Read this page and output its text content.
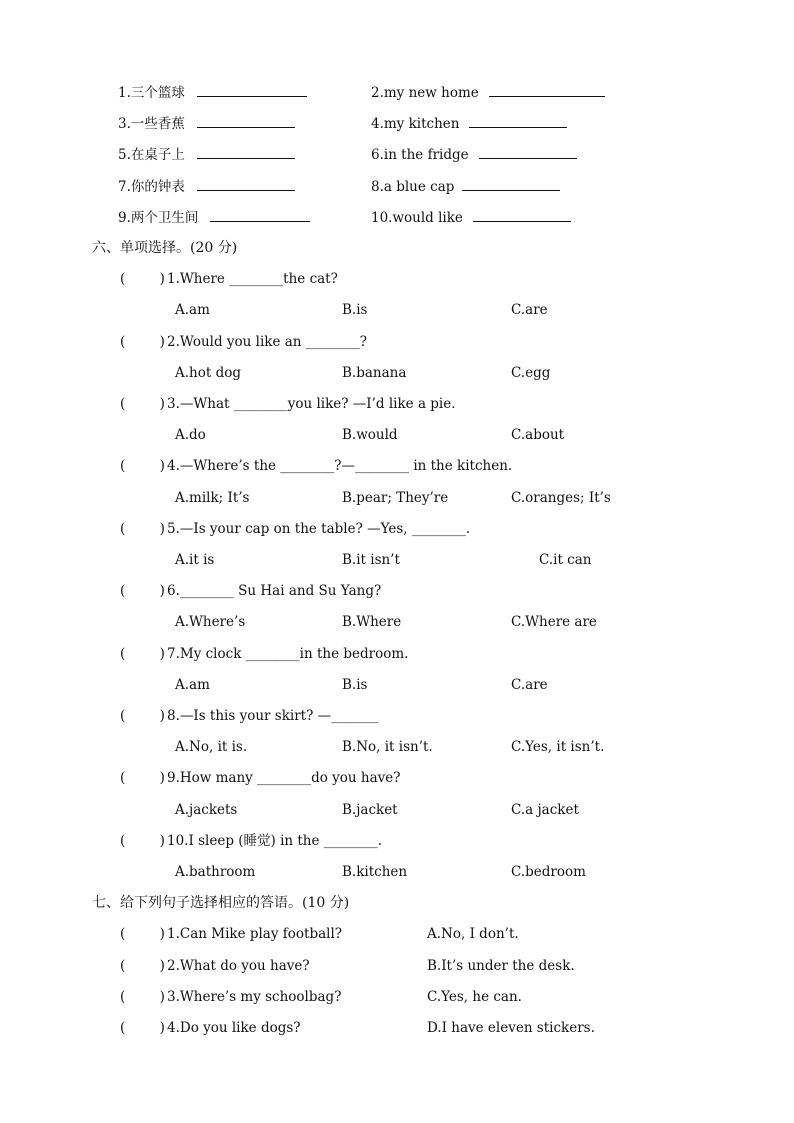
1.三个篮球	2.my new home
3.一些香蕉	4.my kitchen
5.在桌子上	6.in the fridge
7.你的钟表	8.a blue cap
9.两个卫生间	10.would like
六、单项选择。(20 分)
(        ) 1.Where ________the cat?
A.am	B.is	C.are
(        ) 2.Would you like an ________?
A.hot dog	B.banana	C.egg
(        ) 3.—What ________you like? —I’d like a pie.
A.do	B.would	C.about
(        ) 4.—Where’s the ________?—________ in the kitchen.
A.milk; It’s	B.pear; They’re	C.oranges; It’s
(        ) 5.—Is your cap on the table? —Yes, ________.
A.it is	B.it isn’t	C.it can
(        ) 6.________ Su Hai and Su Yang?
A.Where’s	B.Where	C.Where are
(        ) 7.My clock ________in the bedroom.
A.am	B.is	C.are
(        ) 8.—Is this your skirt? —_______
A.No, it is.	B.No, it isn’t.	C.Yes, it isn’t.
(        ) 9.How many ________do you have?
A.jackets	B.jacket	C.a jacket
(        ) 10.I sleep (睡觉) in the ________.
A.bathroom	B.kitchen	C.bedroom
七、给下列句子选择相应的答语。(10 分)
(        ) 1.Can Mike play football?	A.No, I don’t.
(        ) 2.What do you have?	B.It’s under the desk.
(        ) 3.Where’s my schoolbag?	C.Yes, he can.
(        ) 4.Do you like dogs?	D.I have eleven stickers.
